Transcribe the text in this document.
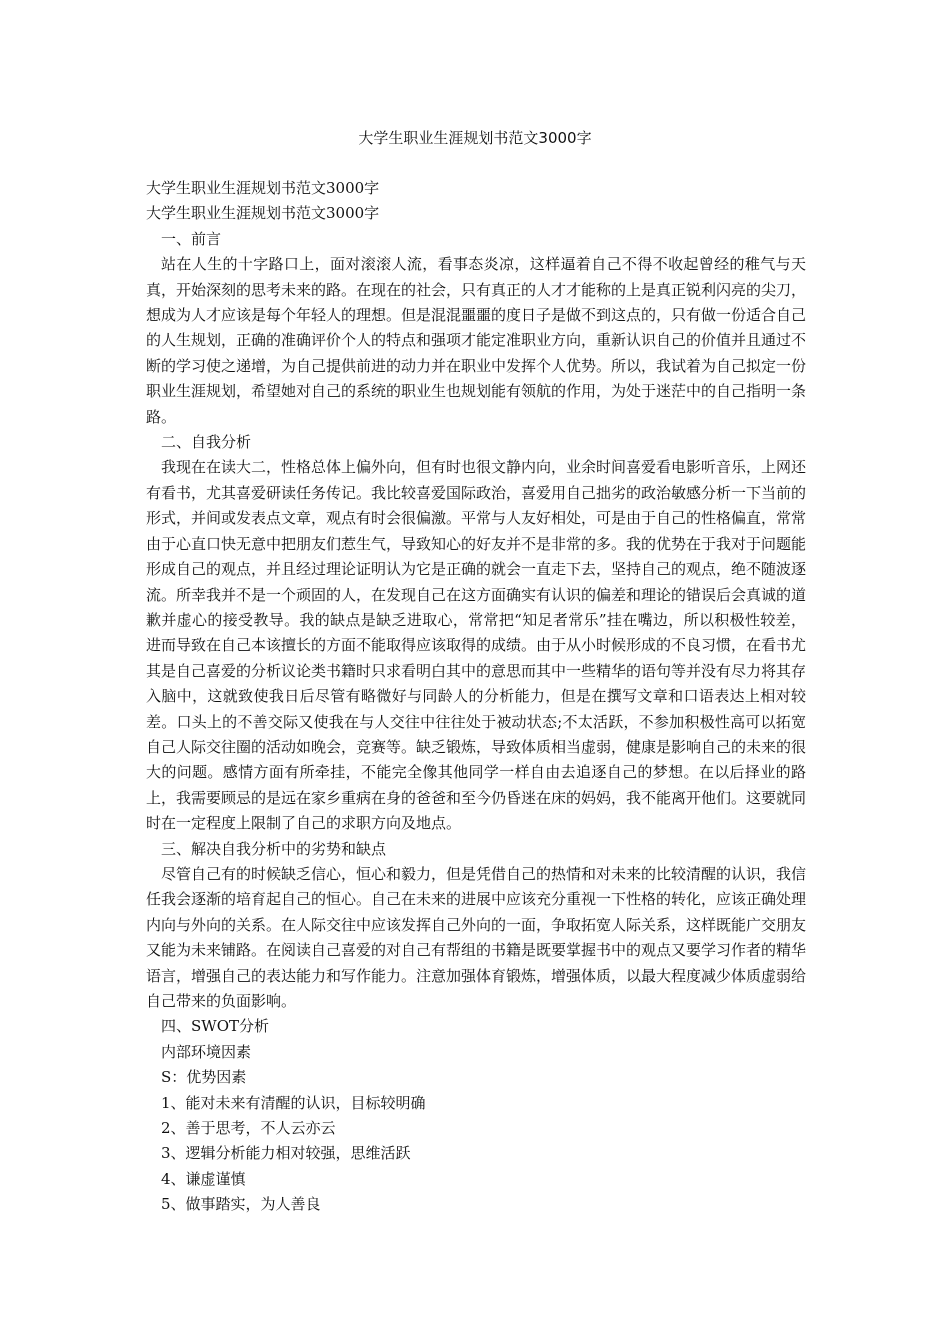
大学生职业生涯规划书范文3000字
大学生职业生涯规划书范文3000字
大学生职业生涯规划书范文3000字
一、前言

站在人生的十字路口上，面对滚滚人流，看事态炎凉，这样逼着自己不得不收起曾经的稚气与天真，开始深刻的思考未来的路。在现在的社会，只有真正的人才才能称的上是真正锐利闪亮的尖刀，想成为人才应该是每个年轻人的理想。但是混混噩噩的度日子是做不到这点的，只有做一份适合自己的人生规划，正确的准确评价个人的特点和强项才能定准职业方向，重新认识自己的价值并且通过不断的学习使之递增，为自己提供前进的动力并在职业中发挥个人优势。所以，我试着为自己拟定一份职业生涯规划，希望她对自己的系统的职业生也规划能有领航的作用，为处于迷茫中的自己指明一条路。

二、自我分析

我现在在读大二，性格总体上偏外向，但有时也很文静内向，业余时间喜爱看电影听音乐，上网还有看书，尤其喜爱研读任务传记。我比较喜爱国际政治，喜爱用自己拙劣的政治敏感分析一下当前的形式，并间或发表点文章，观点有时会很偏激。平常与人友好相处，可是由于自己的性格偏直，常常由于心直口快无意中把朋友们惹生气，导致知心的好友并不是非常的多。我的优势在于我对于问题能形成自己的观点，并且经过理论证明认为它是正确的就会一直走下去，坚持自己的观点，绝不随波逐流。所幸我并不是一个顽固的人，在发现自己在这方面确实有认识的偏差和理论的错误后会真诚的道歉并虚心的接受教导。我的缺点是缺乏进取心，常常把“知足者常乐”挂在嘴边，所以积极性较差，进而导致在自己本该擅长的方面不能取得应该取得的成绩。由于从小时候形成的不良习惯，在看书尤其是自己喜爱的分析议论类书籍时只求看明白其中的意思而其中一些精华的语句等并没有尽力将其存入脑中，这就致使我日后尽管有略微好与同龄人的分析能力，但是在撰写文章和口语表达上相对较差。口头上的不善交际又使我在与人交往中往往处于被动状态;不太活跃，不参加积极性高可以拓宽自己人际交往圈的活动如晚会，竞赛等。缺乏锻炼，导致体质相当虚弱，健康是影响自己的未来的很大的问题。感情方面有所牵挂，不能完全像其他同学一样自由去追逐自己的梦想。在以后择业的路上，我需要顾忌的是远在家乡重病在身的爸爸和至今仍昏迷在床的妈妈，我不能离开他们。这要就同时在一定程度上限制了自己的求职方向及地点。

三、解决自我分析中的劣势和缺点

尽管自己有的时候缺乏信心，恒心和毅力，但是凭借自己的热情和对未来的比较清醒的认识，我信任我会逐渐的培育起自己的恒心。自己在未来的进展中应该充分重视一下性格的转化，应该正确处理内向与外向的关系。在人际交往中应该发挥自己外向的一面，争取拓宽人际关系，这样既能广交朋友又能为未来铺路。在阅读自己喜爱的对自己有帮组的书籍是既要掌握书中的观点又要学习作者的精华语言，增强自己的表达能力和写作能力。注意加强体育锻炼，增强体质，以最大程度减少体质虚弱给自己带来的负面影响。

四、SWOT分析
内部环境因素
S：优势因素
1、能对未来有清醒的认识，目标较明确
2、善于思考，不人云亦云
3、逻辑分析能力相对较强，思维活跃
4、谦虚谨慎
5、做事踏实，为人善良
